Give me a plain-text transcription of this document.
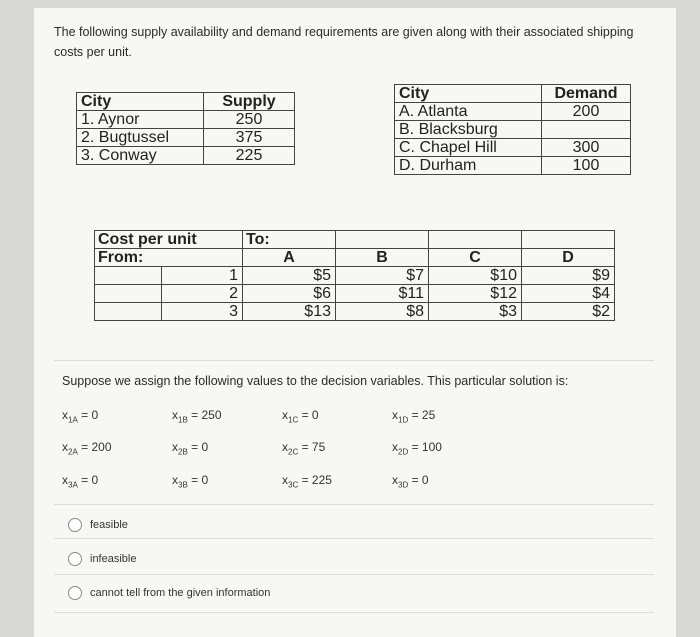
The following supply availability and demand requirements are given along with their associated shipping costs per unit.
City	Supply
1. Aynor	250
2. Bugtussel	375
3. Conway	225
City	Demand
A. Atlanta	200
B. Blacksburg	
C. Chapel Hill	300
D. Durham	100
Cost per unit		To:			
From:		A	B	C	D
	1	$5	$7	$10	$9
	2	$6	$11	$12	$4
	3	$13	$8	$3	$2
Suppose we assign the following values to the decision variables. This particular solution is:
$x_{1A} = 0$	$x_{1B} = 250$	$x_{1C} = 0$	$x_{1D} = 25$
$x_{2A} = 200$	$x_{2B} = 0$	$x_{2C} = 75$	$x_{2D} = 100$
$x_{3A} = 0$	$x_{3B} = 0$	$x_{3C} = 225$	$x_{3D} = 0$
feasible
infeasible
cannot tell from the given information
